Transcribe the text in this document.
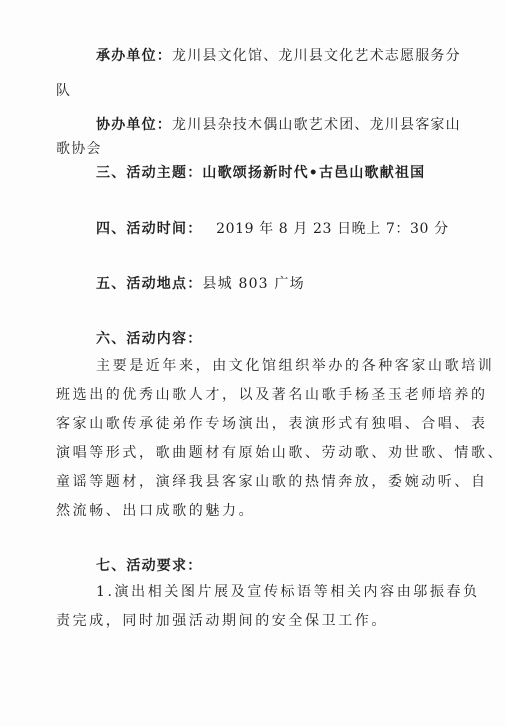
承办单位：龙川县文化馆、龙川县文化艺术志愿服务分
队
协办单位：龙川县杂技木偶山歌艺术团、龙川县客家山
歌协会
三、活动主题：山歌颂扬新时代•古邑山歌献祖国
四、活动时间： 2019 年 8 月 23 日晚上 7：30 分
五、活动地点：县城 803 广场
六、活动内容：
主要是近年来，由文化馆组织举办的各种客家山歌培训
班选出的优秀山歌人才，以及著名山歌手杨圣玉老师培养的
客家山歌传承徒弟作专场演出，表演形式有独唱、合唱、表
演唱等形式，歌曲题材有原始山歌、劳动歌、劝世歌、情歌、
童谣等题材，演绎我县客家山歌的热情奔放，委婉动听、自
然流畅、出口成歌的魅力。
七、活动要求：
1.演出相关图片展及宣传标语等相关内容由邬振春负
责完成，同时加强活动期间的安全保卫工作。
